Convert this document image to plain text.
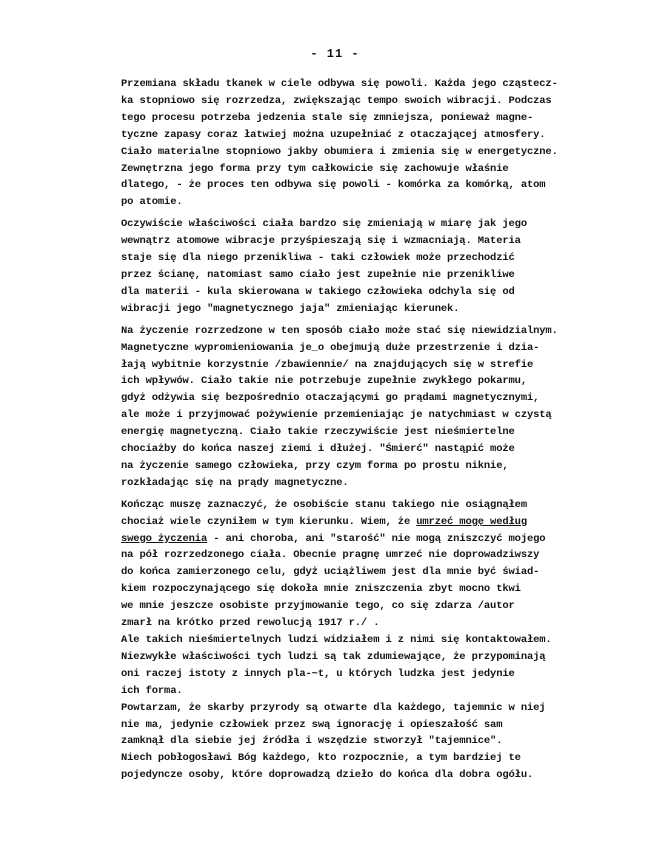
- 11 -
Przemiana składu tkanek w ciele odbywa się powoli. Każda jego cząstecz-
ka stopniowo się rozrzedza, zwiększając tempo swoich wibracji. Podczas
tego procesu potrzeba jedzenia stale się zmniejsza, ponieważ magne-
tyczne zapasy coraz łatwiej można uzupełniać z otaczającej atmosfery.
Ciało materialne stopniowo jakby obumiera i zmienia się w energetyczne.
Zewnętrzna jego forma przy tym całkowicie się zachowuje właśnie
dlatego, - że proces ten odbywa się powoli - komórka za komórką, atom
po atomie.
Oczywiście właściwości ciała bardzo się zmieniają w miarę jak jego
wewnątrz atomowe wibracje przyśpieszają się i wzmacniają. Materia
staje się dla niego przenikliwa - taki człowiek może przechodzić
przez ścianę, natomiast samo ciało jest zupełnie nie przenikliwe
dla materii - kula skierowana w takiego człowieka odchyla się od
wibracji jego "magnetycznego jaja" zmieniając kierunek.
Na życzenie rozrzedzone w ten sposób ciało może stać się niewidzialnym.
Magnetyczne wypromieniowania je_o obejmują duże przestrzenie i dzia-
łają wybitnie korzystnie /zbawiennie/ na znajdujących się w strefie
ich wpływów. Ciało takie nie potrzebuje zupełnie zwykłego pokarmu,
gdyż odżywia się bezpośrednio otaczającymi go prądami magnetycznymi,
ale może i przyjmować pożywienie przemieniając je natychmiast w czystą
energię magnetyczną. Ciało takie rzeczywiście jest nieśmiertelne
chociażby do końca naszej ziemi i dłużej. "Śmierć" nastąpić może
na życzenie samego człowieka, przy czym forma po prostu niknie,
rozkładając się na prądy magnetyczne.
Kończąc muszę zaznaczyć, że osobiście stanu takiego nie osiągnąłem
chociaż wiele czyniłem w tym kierunku. Wiem, że umrzeć mogę według
swego życzenia - ani choroba, ani "starość" nie mogą zniszczyć mojego
na pół rozrzedzonego ciała. Obecnie pragnę umrzeć nie doprowadziwszy
do końca zamierzonego celu, gdyż uciążliwem jest dla mnie być świad-
kiem rozpoczynającego się dokoła mnie zniszczenia zbyt mocno tkwi
we mnie jeszcze osobiste przyjmowanie tego, co się zdarza /autor
zmarł na krótko przed rewolucją 1917 r./ .
Ale takich nieśmiertelnych ludzi widziałem i z nimi się kontaktowałem.
Niezwykłe właściwości tych ludzi są tak zdumiewające, że przypominają
oni raczej istoty z innych pla-~t, u których ludzka jest jedynie
ich forma.
Powtarzam, że skarby przyrody są otwarte dla każdego, tajemnic w niej
nie ma, jedynie człowiek przez swą ignorację i opieszałość sam
zamknął dla siebie jej źródła i wszędzie stworzył "tajemnice".
Niech pobłogosławi Bóg każdego, kto rozpocznie, a tym bardziej te
pojedyncze osoby, które doprowadzą dzieło do końca dla dobra ogółu.
